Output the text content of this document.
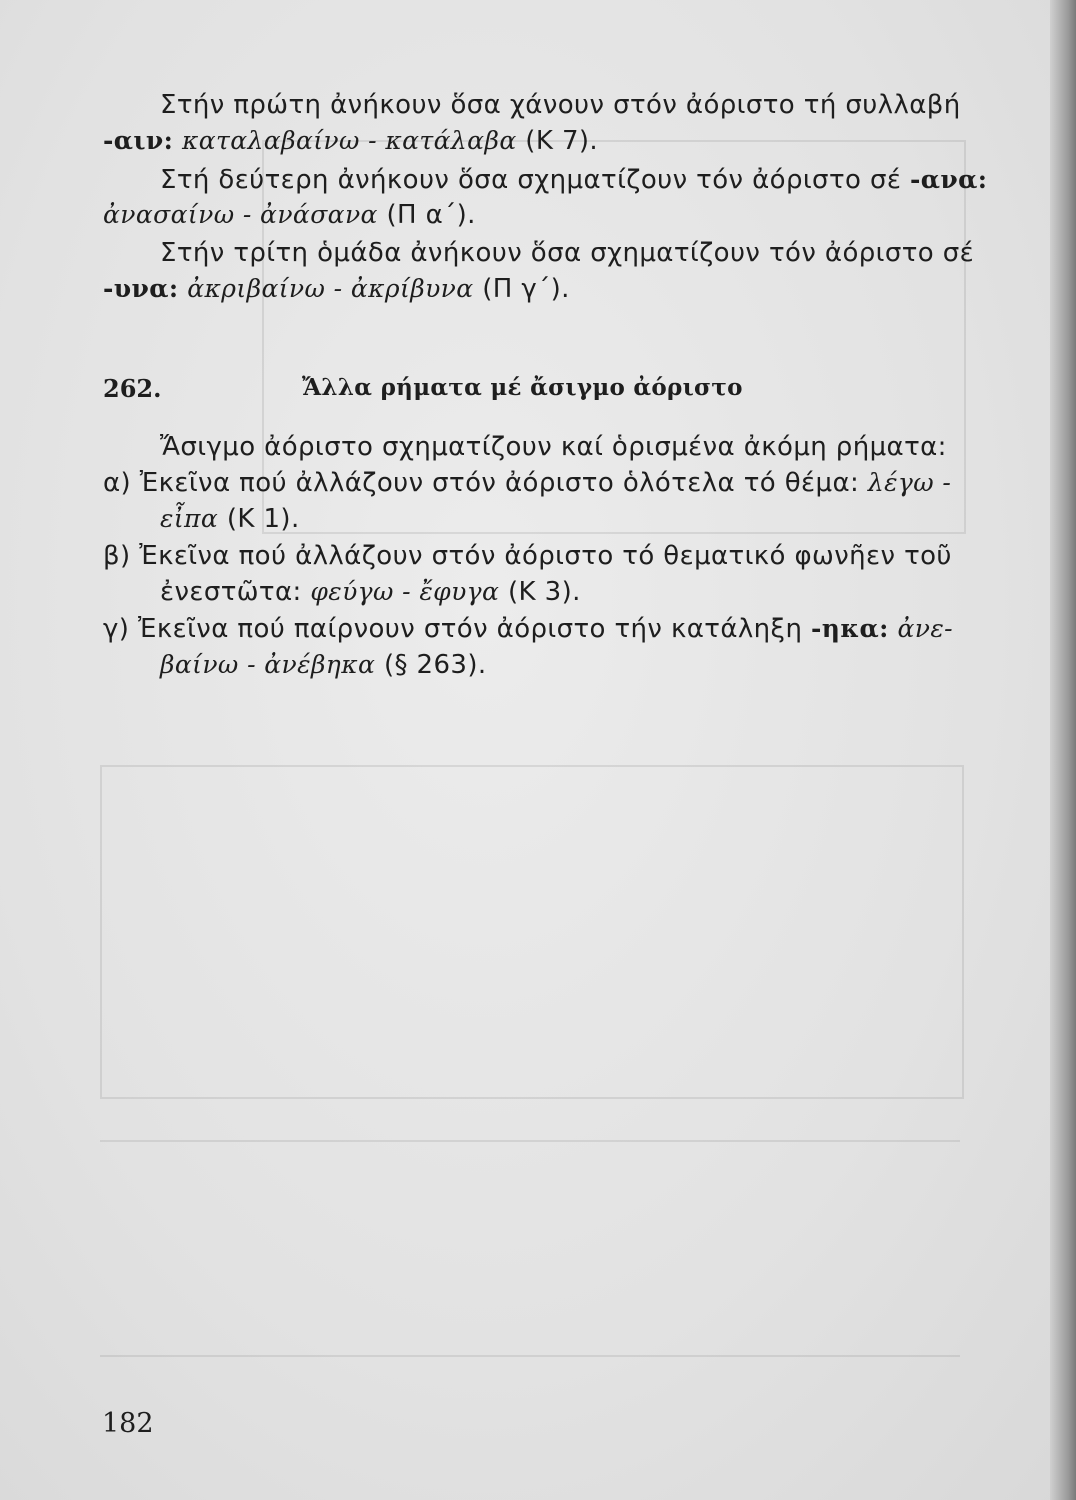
Στήν πρώτη ἀνήκουν ὅσα χάνουν στόν ἀόριστο τή συλλαβή
-αιν: καταλαβαίνω - κατάλαβα (Κ 7).
Στή δεύτερη ἀνήκουν ὅσα σχηματίζουν τόν ἀόριστο σέ -ανα:
ἀνασαίνω - ἀνάσανα (Π α΄).
Στήν τρίτη ὁμάδα ἀνήκουν ὅσα σχηματίζουν τόν ἀόριστο σέ
-υνα: ἀκριβαίνω - ἀκρίβυνα (Π γ΄).
262.	Ἄλλα ρήματα μέ ἄσιγμο ἀόριστο
Ἄσιγμο ἀόριστο σχηματίζουν καί ὁρισμένα ἀκόμη ρήματα:
α) Ἐκεῖνα πού ἀλλάζουν στόν ἀόριστο ὁλότελα τό θέμα: λέγω -
εἶπα (Κ 1).
β) Ἐκεῖνα πού ἀλλάζουν στόν ἀόριστο τό θεματικό φωνῆεν τοῦ
ἐνεστῶτα: φεύγω - ἔφυγα (Κ 3).
γ) Ἐκεῖνα πού παίρνουν στόν ἀόριστο τήν κατάληξη -ηκα: ἀνε-
βαίνω - ἀνέβηκα (§ 263).
182
